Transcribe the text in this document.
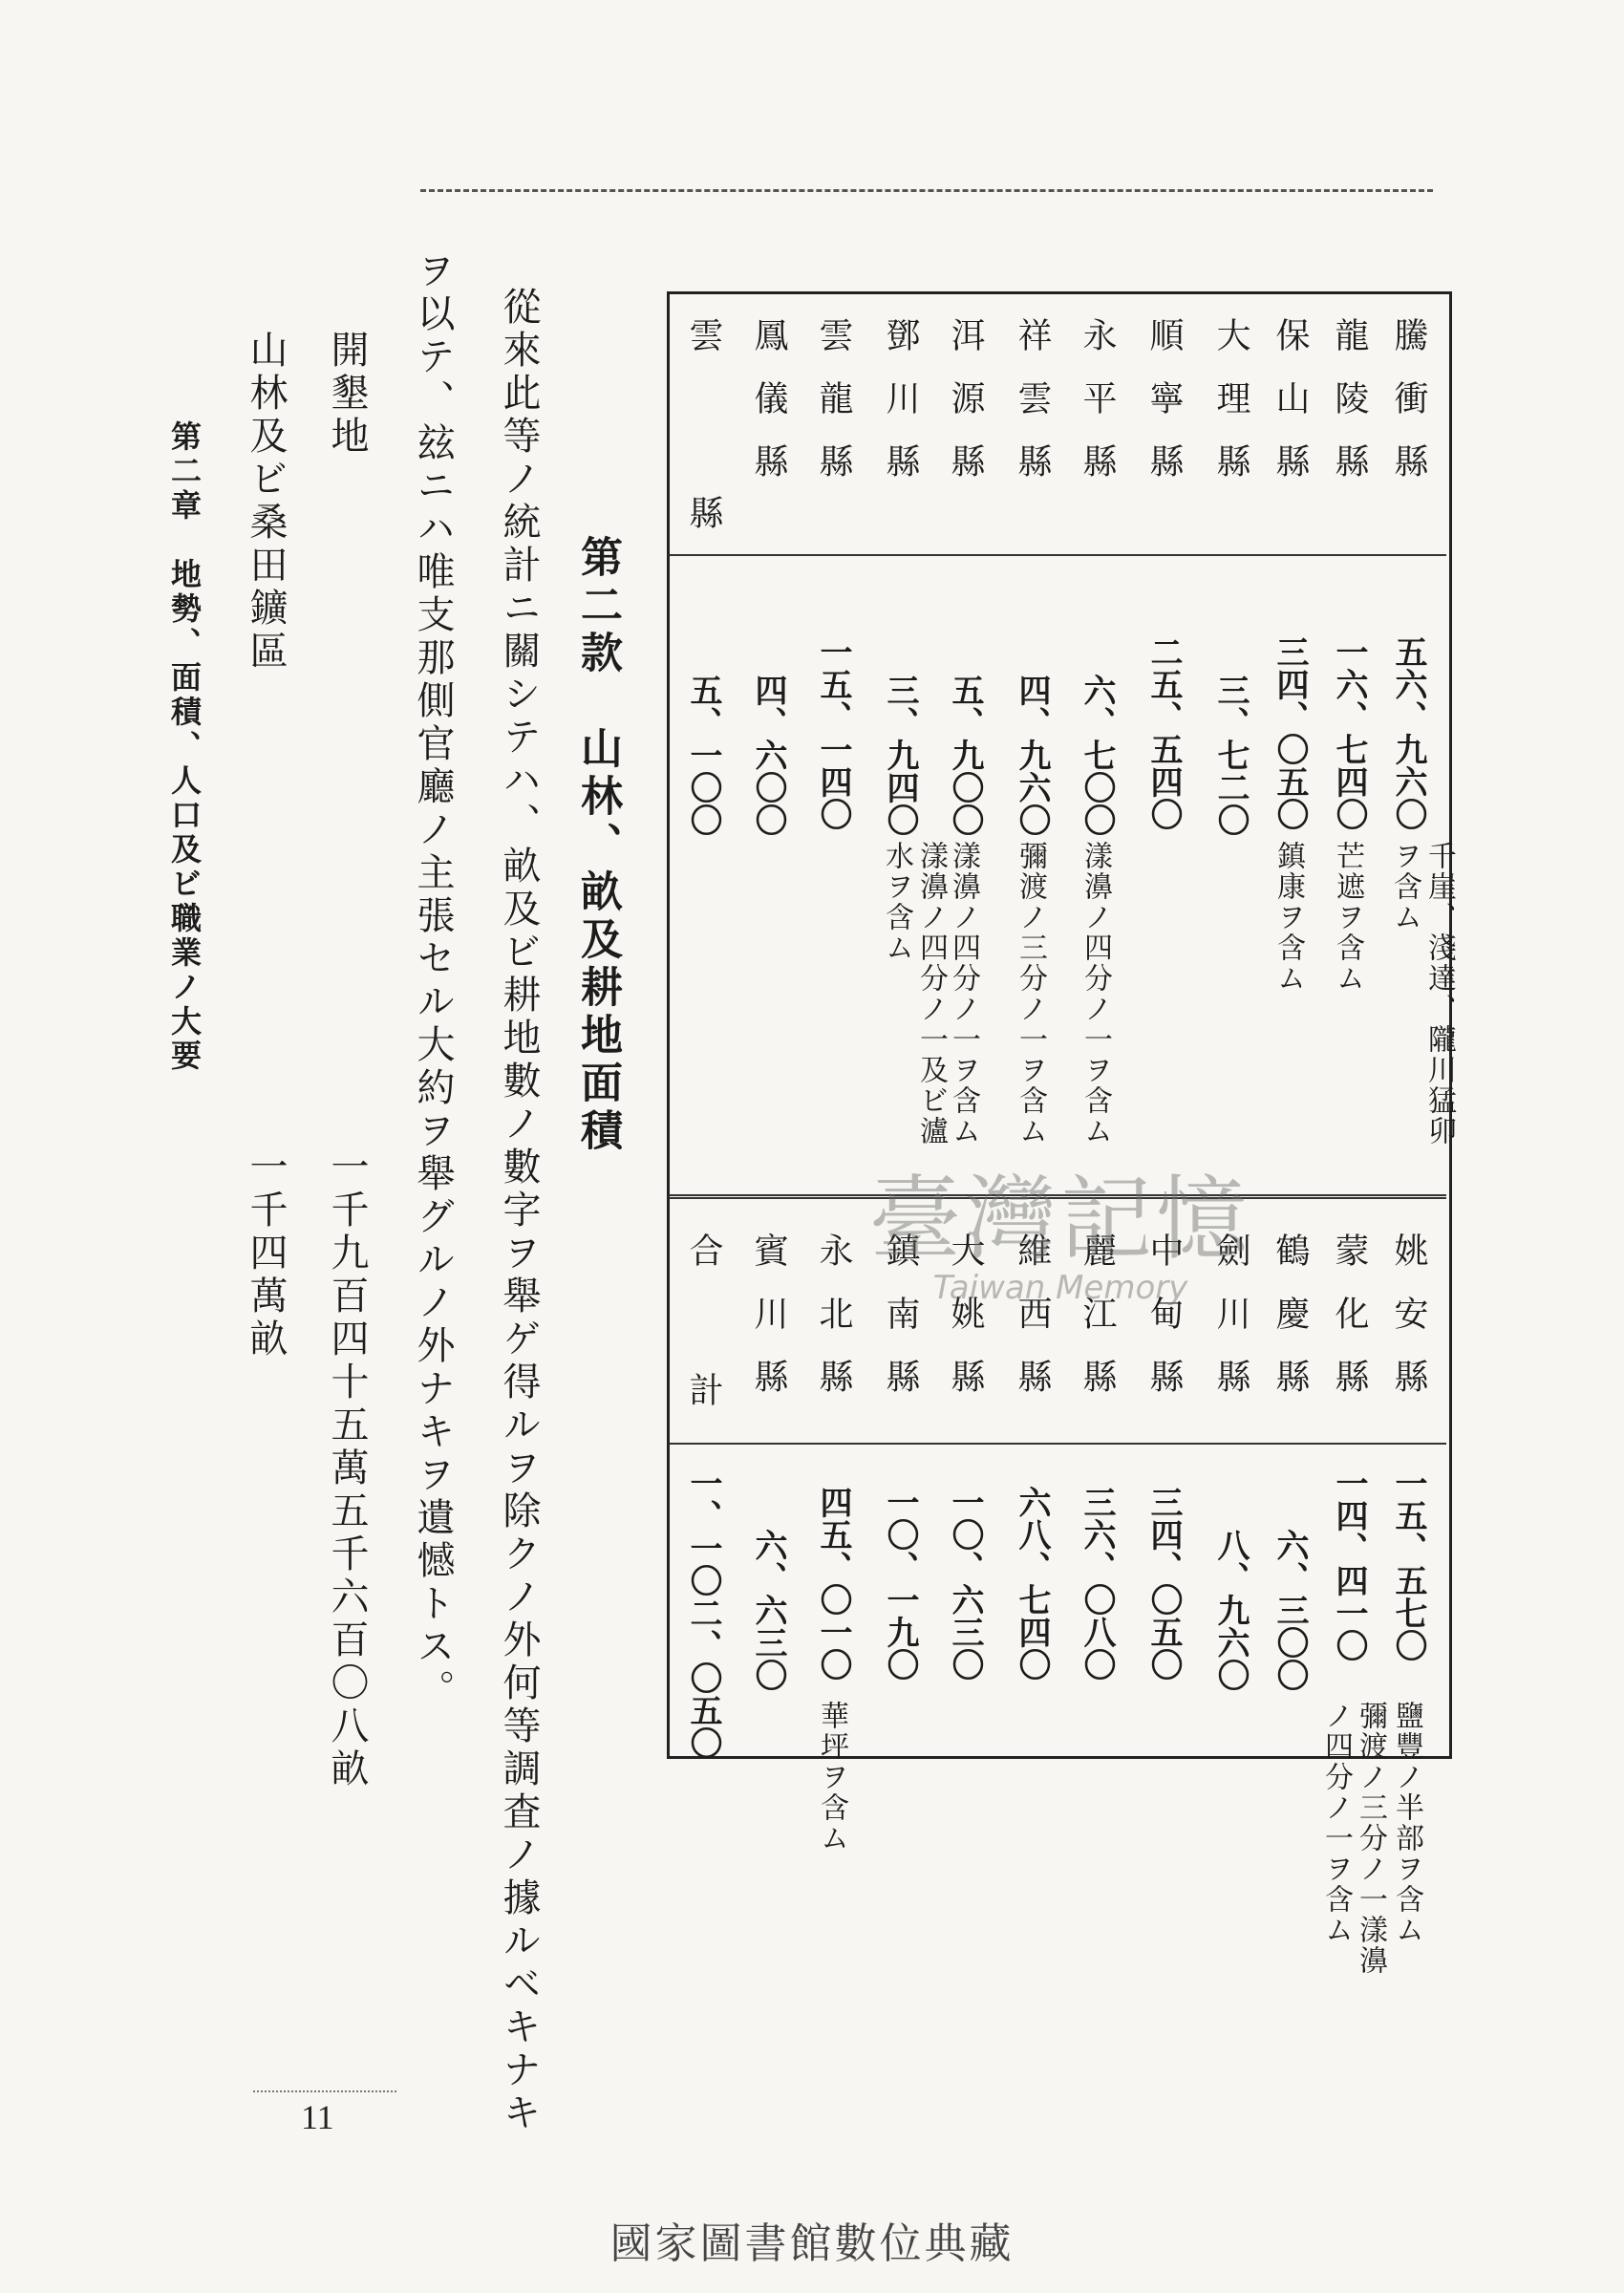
騰衝縣
龍陵縣
保山縣
大理縣
順寧縣
永平縣
祥雲縣
洱源縣
鄧川縣
雲龍縣
鳳儀縣
雲縣
五六、九六〇
一六、七四〇
三四、〇五〇
三、七二〇
二五、五四〇
六、七〇〇
四、九六〇
五、九〇〇
三、九四〇
一五、一四〇
四、六〇〇
五、一〇〇
千崖、淺達、隴川猛卯ヲ含ム
芒遮ヲ含ム
鎮康ヲ含ム
漾濞ノ四分ノ一ヲ含ム
彌渡ノ三分ノ一ヲ含ム
漾濞ノ四分ノ一ヲ含ム
漾濞ノ四分ノ一及ビ瀘水ヲ含ム
姚安縣
蒙化縣
鶴慶縣
劍川縣
中甸縣
麗江縣
維西縣
大姚縣
鎮南縣
永北縣
賓川縣
合計
一五、五七〇
一四、四一〇
六、三〇〇
八、九六〇
三四、〇五〇
三六、〇八〇
六八、七四〇
一〇、六三〇
一〇、一九〇
四五、〇一〇
六、六三〇
一、一〇二、〇五〇
鹽豐ノ半部ヲ含ム
彌渡ノ三分ノ一漾濞ノ四分ノ一ヲ含ム
華坪ヲ含ム
第二款　山林、畝及耕地面積
從來此等ノ統計ニ關シテハ、畝及ビ耕地數ノ數字ヲ舉ゲ得ルヲ除クノ外何等調査ノ據ルベキナキ
ヲ以テ、玆ニハ唯支那側官廳ノ主張セル大約ヲ舉グルノ外ナキヲ遺憾トス。
開墾地
一千九百四十五萬五千六百〇八畝
山林及ビ桑田鑛區
一千四萬畝
第二章　地勢、面積、人口及ビ職業ノ大要
11
臺灣記憶
Taiwan Memory
國家圖書館數位典藏
